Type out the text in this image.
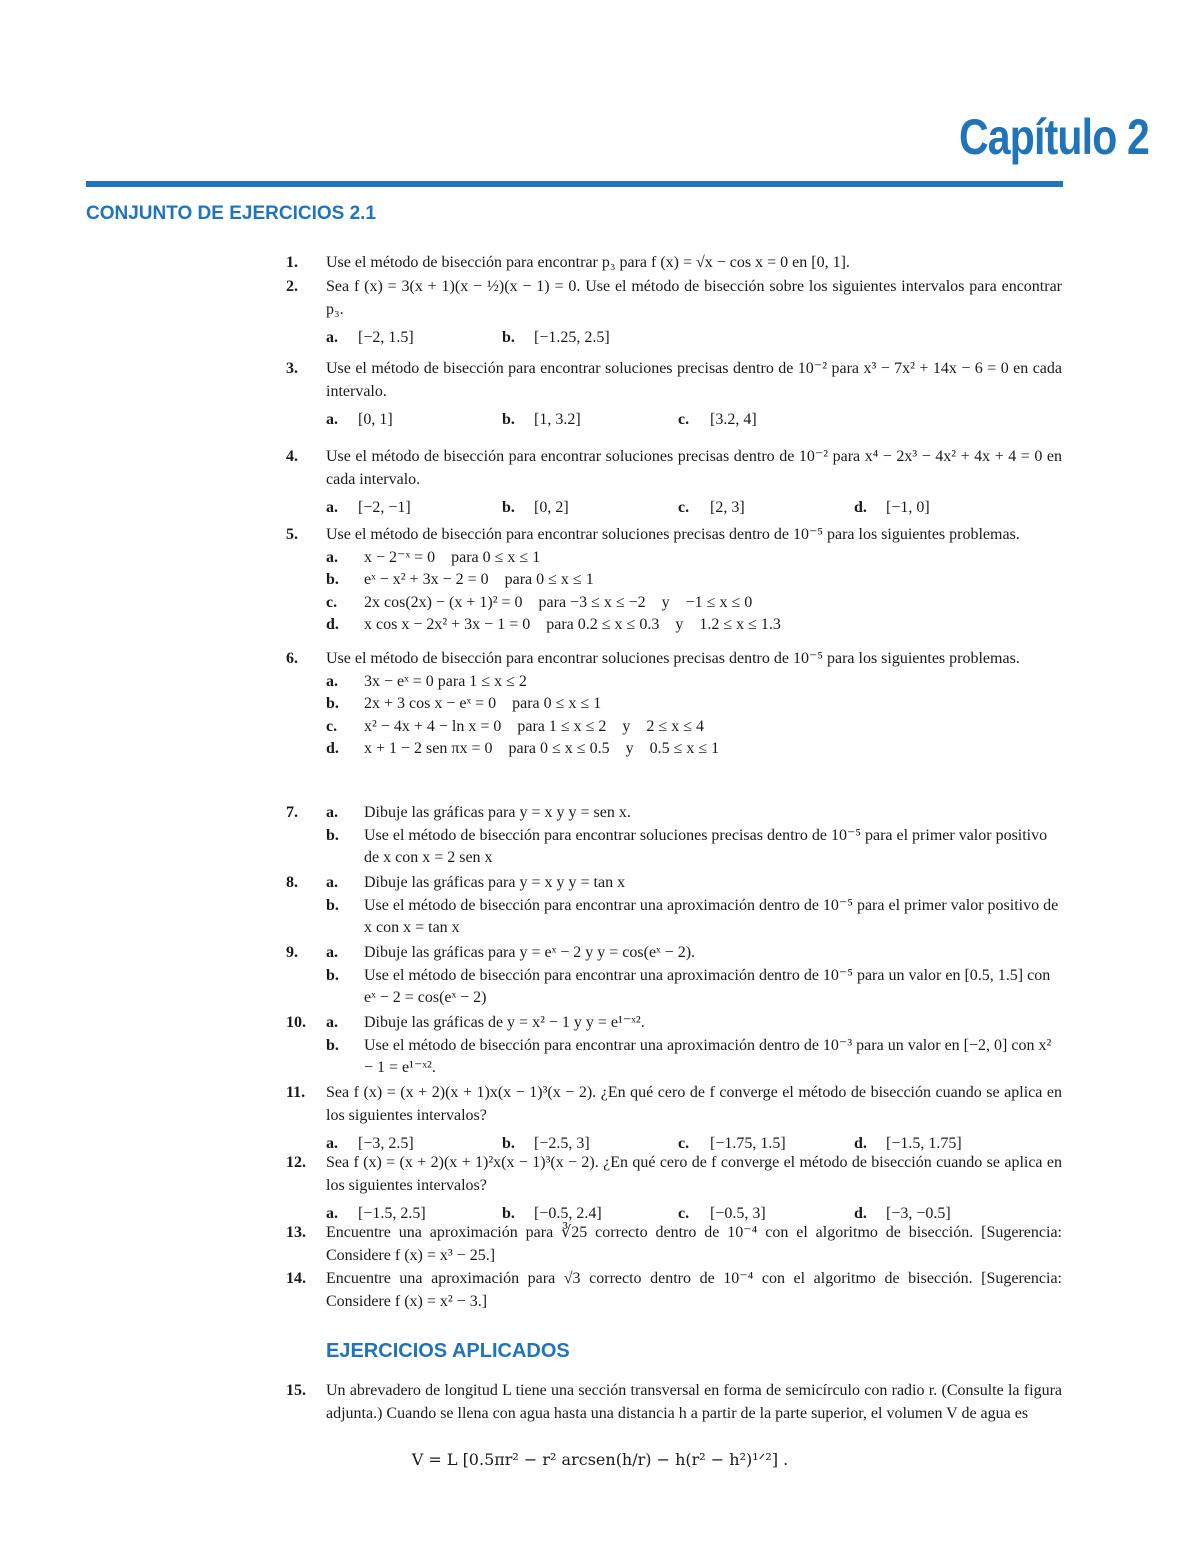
Capítulo 2
CONJUNTO DE EJERCICIOS 2.1
1. Use el método de bisección para encontrar p₃ para f (x) = √x − cos x = 0 en [0, 1].
2. Sea f (x) = 3(x + 1)(x − ½)(x − 1) = 0. Use el método de bisección sobre los siguientes intervalos para encontrar p₃.
a. [−2, 1.5]	b. [−1.25, 2.5]
3. Use el método de bisección para encontrar soluciones precisas dentro de 10⁻² para x³ − 7x² + 14x − 6 = 0 en cada intervalo.
a. [0, 1]	b. [1, 3.2]	c. [3.2, 4]
4. Use el método de bisección para encontrar soluciones precisas dentro de 10⁻² para x⁴ − 2x³ − 4x² + 4x + 4 = 0 en cada intervalo.
a. [−2, −1]	b. [0, 2]	c. [2, 3]	d. [−1, 0]
5. Use el método de bisección para encontrar soluciones precisas dentro de 10⁻⁵ para los siguientes problemas.
a. x − 2⁻ˣ = 0    para 0 ≤ x ≤ 1
b. eˣ − x² + 3x − 2 = 0    para 0 ≤ x ≤ 1
c. 2x cos(2x) − (x + 1)² = 0    para −3 ≤ x ≤ −2    y    −1 ≤ x ≤ 0
d. x cos x − 2x² + 3x − 1 = 0    para 0.2 ≤ x ≤ 0.3    y    1.2 ≤ x ≤ 1.3
6. Use el método de bisección para encontrar soluciones precisas dentro de 10⁻⁵ para los siguientes problemas.
a. 3x − eˣ = 0 para 1 ≤ x ≤ 2
b. 2x + 3 cos x − eˣ = 0    para 0 ≤ x ≤ 1
c. x² − 4x + 4 − ln x = 0    para 1 ≤ x ≤ 2    y    2 ≤ x ≤ 4
d. x + 1 − 2 sen πx = 0    para 0 ≤ x ≤ 0.5    y    0.5 ≤ x ≤ 1
7. a. Dibuje las gráficas para y = x y y = sen x.
b. Use el método de bisección para encontrar soluciones precisas dentro de 10⁻⁵ para el primer valor positivo de x con x = 2 sen x
8. a. Dibuje las gráficas para y = x y y = tan x
b. Use el método de bisección para encontrar una aproximación dentro de 10⁻⁵ para el primer valor positivo de x con x = tan x
9. a. Dibuje las gráficas para y = eˣ − 2 y y = cos(eˣ − 2).
b. Use el método de bisección para encontrar una aproximación dentro de 10⁻⁵ para un valor en [0.5, 1.5] con eˣ − 2 = cos(eˣ − 2)
10. a. Dibuje las gráficas de y = x² − 1 y y = e¹⁻ˣ².
b. Use el método de bisección para encontrar una aproximación dentro de 10⁻³ para un valor en [−2, 0] con x² − 1 = e¹⁻ˣ².
11. Sea f (x) = (x + 2)(x + 1)x(x − 1)³(x − 2). ¿En qué cero de f converge el método de bisección cuando se aplica en los siguientes intervalos?
a. [−3, 2.5]	b. [−2.5, 3]	c. [−1.75, 1.5]	d. [−1.5, 1.75]
12. Sea f (x) = (x + 2)(x + 1)²x(x − 1)³(x − 2). ¿En qué cero de f converge el método de bisección cuando se aplica en los siguientes intervalos?
a. [−1.5, 2.5]	b. [−0.5, 2.4]	c. [−0.5, 3]	d. [−3, −0.5]
13. Encuentre una aproximación para ∛25 correcto dentro de 10⁻⁴ con el algoritmo de bisección. [Sugerencia: Considere f (x) = x³ − 25.]
14. Encuentre una aproximación para √3 correcto dentro de 10⁻⁴ con el algoritmo de bisección. [Sugerencia: Considere f (x) = x² − 3.]
15. Un abrevadero de longitud L tiene una sección transversal en forma de semicírculo con radio r. (Consulte la figura adjunta.) Cuando se llena con agua hasta una distancia h a partir de la parte superior, el volumen V de agua es
EJERCICIOS APLICADOS
V = L [0.5πr² − r² arcsen(h/r) − h(r² − h²)¹ᐟ²] .
